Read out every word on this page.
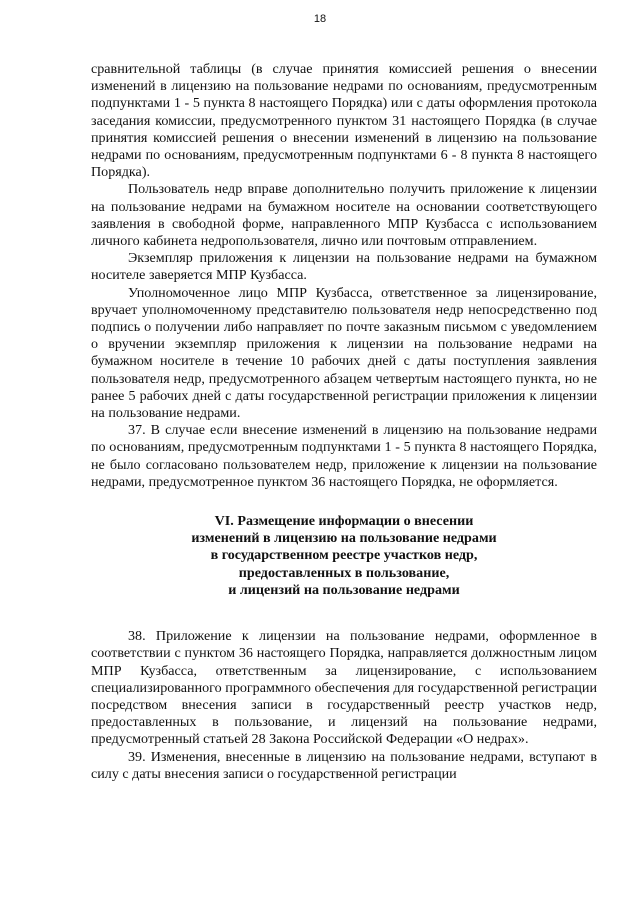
18

сравнительной таблицы (в случае принятия комиссией решения о внесении изменений в лицензию на пользование недрами по основаниям, предусмотренным подпунктами 1 - 5 пункта 8 настоящего Порядка) или с даты оформления протокола заседания комиссии, предусмотренного пунктом 31 настоящего Порядка (в случае принятия комиссией решения о внесении изменений в лицензию на пользование недрами по основаниям, предусмотренным подпунктами 6 - 8 пункта 8 настоящего Порядка).

Пользователь недр вправе дополнительно получить приложение к лицензии на пользование недрами на бумажном носителе на основании соответствующего заявления в свободной форме, направленного МПР Кузбасса с использованием личного кабинета недропользователя, лично или почтовым отправлением.

Экземпляр приложения к лицензии на пользование недрами на бумажном носителе заверяется МПР Кузбасса.

Уполномоченное лицо МПР Кузбасса, ответственное за лицензирование, вручает уполномоченному представителю пользователя недр непосредственно под подпись о получении либо направляет по почте заказным письмом с уведомлением о вручении экземпляр приложения к лицензии на пользование недрами на бумажном носителе в течение 10 рабочих дней с даты поступления заявления пользователя недр, предусмотренного абзацем четвертым настоящего пункта, но не ранее 5 рабочих дней с даты государственной регистрации приложения к лицензии на пользование недрами.

37. В случае если внесение изменений в лицензию на пользование недрами по основаниям, предусмотренным подпунктами 1 - 5 пункта 8 настоящего Порядка, не было согласовано пользователем недр, приложение к лицензии на пользование недрами, предусмотренное пунктом 36 настоящего Порядка, не оформляется.

VI. Размещение информации о внесении
изменений в лицензию на пользование недрами
в государственном реестре участков недр,
предоставленных в пользование,
и лицензий на пользование недрами

38. Приложение к лицензии на пользование недрами, оформленное в соответствии с пунктом 36 настоящего Порядка, направляется должностным лицом МПР Кузбасса, ответственным за лицензирование, с использованием специализированного программного обеспечения для государственной регистрации посредством внесения записи в государственный реестр участков недр, предоставленных в пользование, и лицензий на пользование недрами, предусмотренный статьей 28 Закона Российской Федерации «О недрах».

39. Изменения, внесенные в лицензию на пользование недрами, вступают в силу с даты внесения записи о государственной регистрации
